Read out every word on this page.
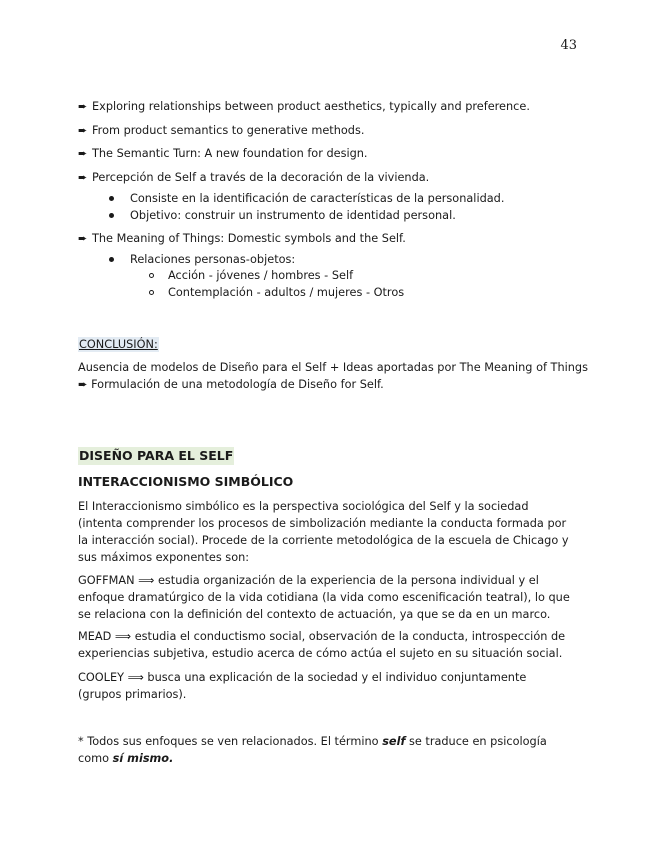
43
➨ Exploring relationships between product aesthetics, typically and preference.
➨ From product semantics to generative methods.
➨ The Semantic Turn: A new foundation for design.
➨ Percepción de Self a través de la decoración de la vivienda.
Consiste en la identificación de características de la personalidad.
Objetivo: construir un instrumento de identidad personal.
➨ The Meaning of Things: Domestic symbols and the Self.
Relaciones personas-objetos:
Acción - jóvenes / hombres - Self
Contemplación - adultos / mujeres - Otros
CONCLUSIÓN:
Ausencia de modelos de Diseño para el Self + Ideas aportadas por The Meaning of Things
➨ Formulación de una metodología de Diseño for Self.
DISEÑO PARA EL SELF
INTERACCIONISMO SIMBÓLICO

El Interaccionismo simbólico es la perspectiva sociológica del Self y la sociedad (intenta comprender los procesos de simbolización mediante la conducta formada por la interacción social). Procede de la corriente metodológica de la escuela de Chicago y sus máximos exponentes son:

GOFFMAN ⟹ estudia organización de la experiencia de la persona individual y el enfoque dramatúrgico de la vida cotidiana (la vida como escenificación teatral), lo que se relaciona con la definición del contexto de actuación, ya que se da en un marco.

MEAD ⟹ estudia el conductismo social, observación de la conducta, introspección de experiencias subjetiva, estudio acerca de cómo actúa el sujeto en su situación social.

COOLEY ⟹ busca una explicación de la sociedad y el individuo conjuntamente (grupos primarios).

* Todos sus enfoques se ven relacionados. El término self se traduce en psicología como sí mismo.
